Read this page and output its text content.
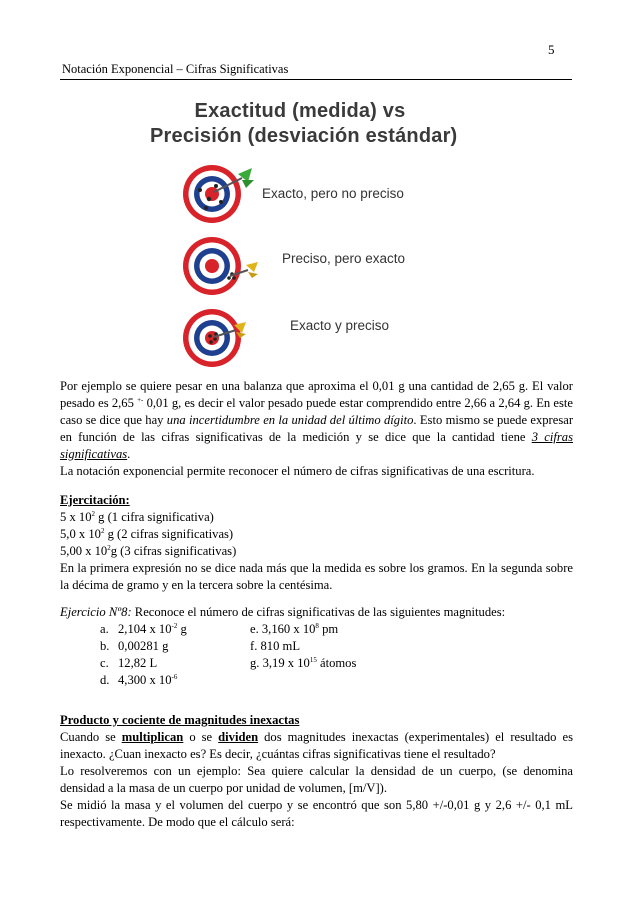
5
Notación Exponencial – Cifras Significativas
Exactitud (medida) vs
Precisión (desviación estándar)
Exacto, pero no preciso
Preciso, pero exacto
Exacto y preciso
Por ejemplo se quiere pesar en una balanza que aproxima el 0,01 g una cantidad de 2,65 g. El valor pesado es 2,65 +- 0,01 g, es decir el valor pesado puede estar comprendido entre 2,66 a 2,64 g. En este caso se dice que hay una incertidumbre en la unidad del último dígito. Esto mismo se puede expresar en función de las cifras significativas de la medición y se dice que la cantidad tiene 3 cifras significativas.
La notación exponencial permite reconocer el número de cifras significativas de una escritura.
Ejercitación:
5 x $10^2$ g (1 cifra significativa)
5,0 x $10^2$ g (2 cifras significativas)
5,00 x $10^2g$ (3 cifras significativas)

En la primera expresión no se dice nada más que la medida es sobre los gramos. En la segunda sobre la décima de gramo y en la tercera sobre la centésima.

Ejercicio Nº8: Reconoce el número de cifras significativas de las siguientes magnitudes:
a. 2,104 x $10^{-2}$ g	e. 3,160 x $10^8$ pm
b. 0,00281 g	f. 810 mL
c. 12,82 L	g. 3,19 x $10^{15}$ átomos
d. 4,300 x $10^{-6}$
Producto y cociente de magnitudes inexactas

Cuando se multiplican o se dividen dos magnitudes inexactas (experimentales) el resultado es inexacto. ¿Cuan inexacto es? Es decir, ¿cuántas cifras significativas tiene el resultado?

Lo resolveremos con un ejemplo: Sea quiere calcular la densidad de un cuerpo, (se denomina densidad a la masa de un cuerpo por unidad de volumen, [m/V]).

Se midió la masa y el volumen del cuerpo y se encontró que son 5,80 +/-0,01 g y 2,6 +/- 0,1 mL respectivamente. De modo que el cálculo será:
